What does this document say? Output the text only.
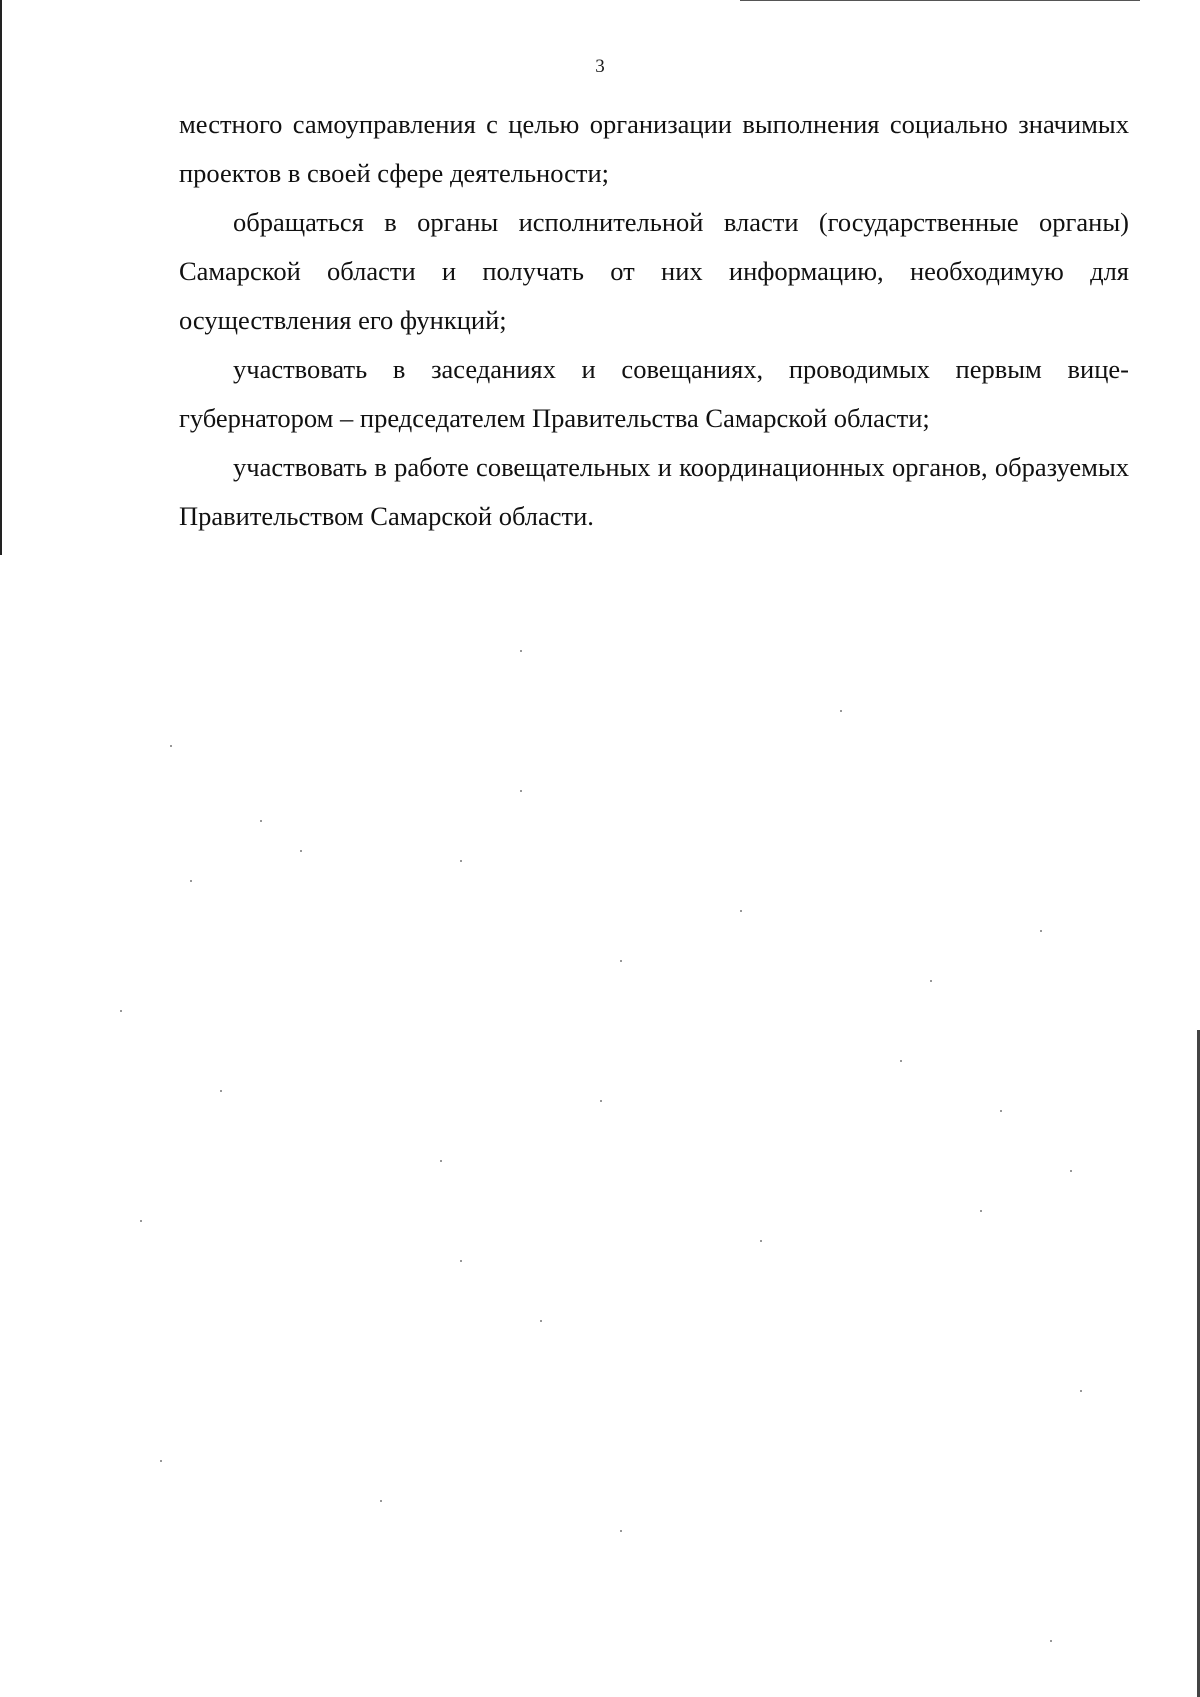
3

местного самоуправления с целью организации выполнения социально значимых проектов в своей сфере деятельности;

обращаться в органы исполнительной власти (государственные органы) Самарской области и получать от них информацию, необходимую для осуществления его функций;

участвовать в заседаниях и совещаниях, проводимых первым вице-губернатором – председателем Правительства Самарской области;

участвовать в работе совещательных и координационных органов, образуемых Правительством Самарской области.
